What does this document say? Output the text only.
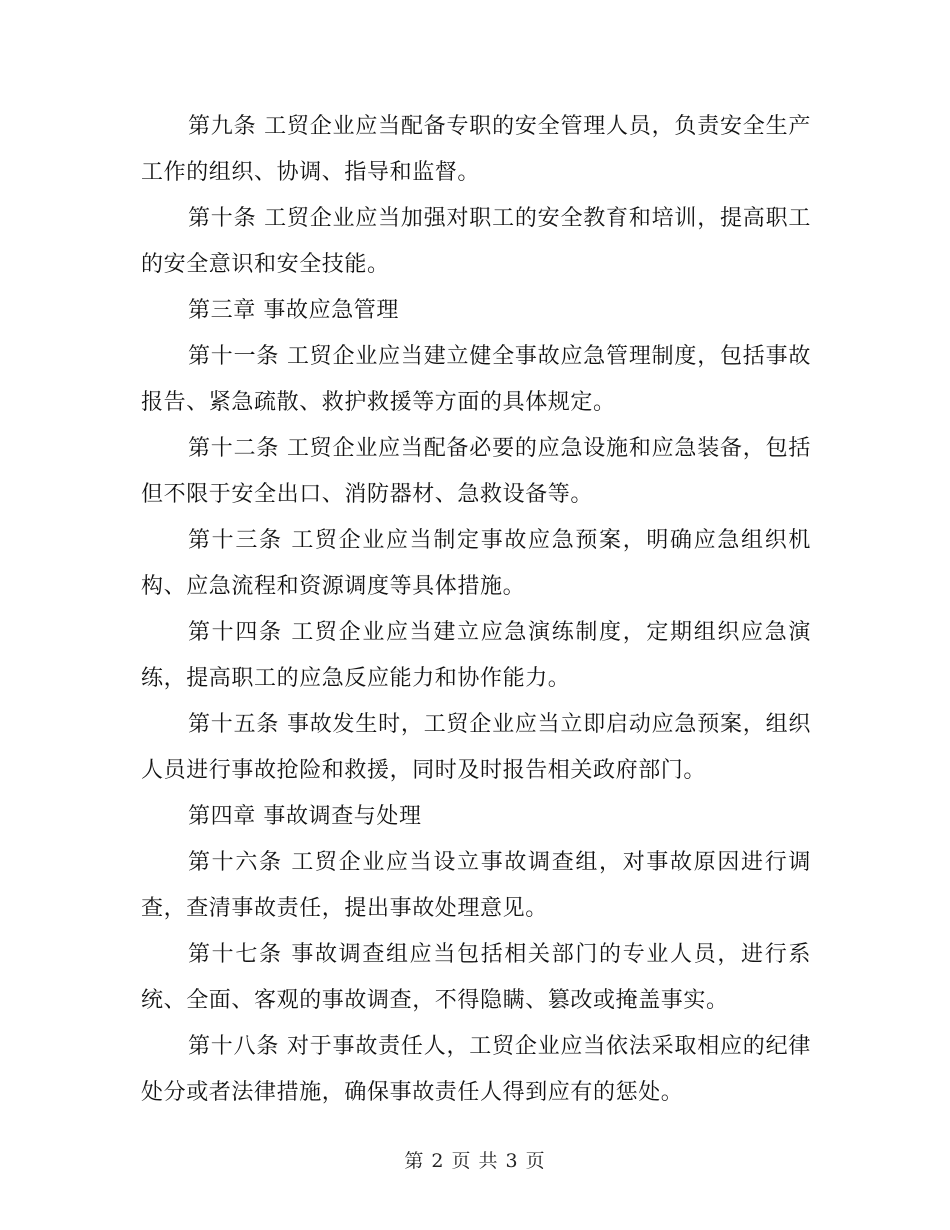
第九条 工贸企业应当配备专职的安全管理人员，负责安全生产工作的组织、协调、指导和监督。

第十条 工贸企业应当加强对职工的安全教育和培训，提高职工的安全意识和安全技能。

第三章 事故应急管理

第十一条 工贸企业应当建立健全事故应急管理制度，包括事故报告、紧急疏散、救护救援等方面的具体规定。

第十二条 工贸企业应当配备必要的应急设施和应急装备，包括但不限于安全出口、消防器材、急救设备等。

第十三条 工贸企业应当制定事故应急预案，明确应急组织机构、应急流程和资源调度等具体措施。

第十四条 工贸企业应当建立应急演练制度，定期组织应急演练，提高职工的应急反应能力和协作能力。

第十五条 事故发生时，工贸企业应当立即启动应急预案，组织人员进行事故抢险和救援，同时及时报告相关政府部门。

第四章 事故调查与处理

第十六条 工贸企业应当设立事故调查组，对事故原因进行调查，查清事故责任，提出事故处理意见。

第十七条 事故调查组应当包括相关部门的专业人员，进行系统、全面、客观的事故调查，不得隐瞒、篡改或掩盖事实。

第十八条 对于事故责任人，工贸企业应当依法采取相应的纪律处分或者法律措施，确保事故责任人得到应有的惩处。

第 2 页 共 3 页
